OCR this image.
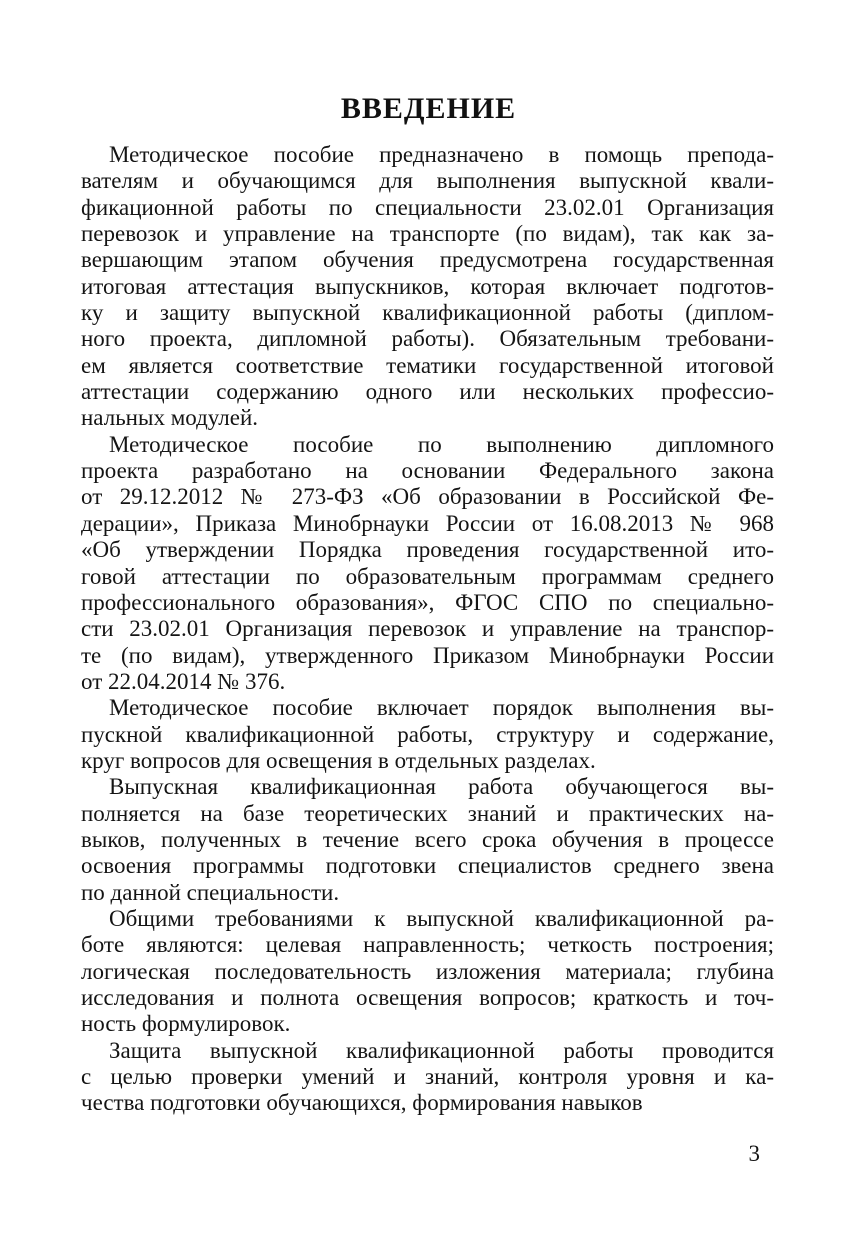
ВВЕДЕНИЕ
Методическое пособие предназначено в помощь препода-
вателям и обучающимся для выполнения выпускной квали-
фикационной работы по специальности 23.02.01 Организация
перевозок и управление на транспорте (по видам), так как за-
вершающим этапом обучения предусмотрена государственная
итоговая аттестация выпускников, которая включает подготов-
ку и защиту выпускной квалификационной работы (диплом-
ного проекта, дипломной работы). Обязательным требовани-
ем является соответствие тематики государственной итоговой
аттестации содержанию одного или нескольких профессио-
нальных модулей.
Методическое пособие по выполнению дипломного
проекта разработано на основании Федерального закона
от 29.12.2012 № 273-ФЗ «Об образовании в Российской Фе-
дерации», Приказа Минобрнауки России от 16.08.2013 № 968
«Об утверждении Порядка проведения государственной ито-
говой аттестации по образовательным программам среднего
профессионального образования», ФГОС СПО по специально-
сти 23.02.01 Организация перевозок и управление на транспор-
те (по видам), утвержденного Приказом Минобрнауки России
от 22.04.2014 № 376.
Методическое пособие включает порядок выполнения вы-
пускной квалификационной работы, структуру и содержание,
круг вопросов для освещения в отдельных разделах.
Выпускная квалификационная работа обучающегося вы-
полняется на базе теоретических знаний и практических на-
выков, полученных в течение всего срока обучения в процессе
освоения программы подготовки специалистов среднего звена
по данной специальности.
Общими требованиями к выпускной квалификационной ра-
боте являются: целевая направленность; четкость построения;
логическая последовательность изложения материала; глубина
исследования и полнота освещения вопросов; краткость и точ-
ность формулировок.
Защита выпускной квалификационной работы проводится
с целью проверки умений и знаний, контроля уровня и ка-
чества подготовки обучающихся, формирования навыков
3
